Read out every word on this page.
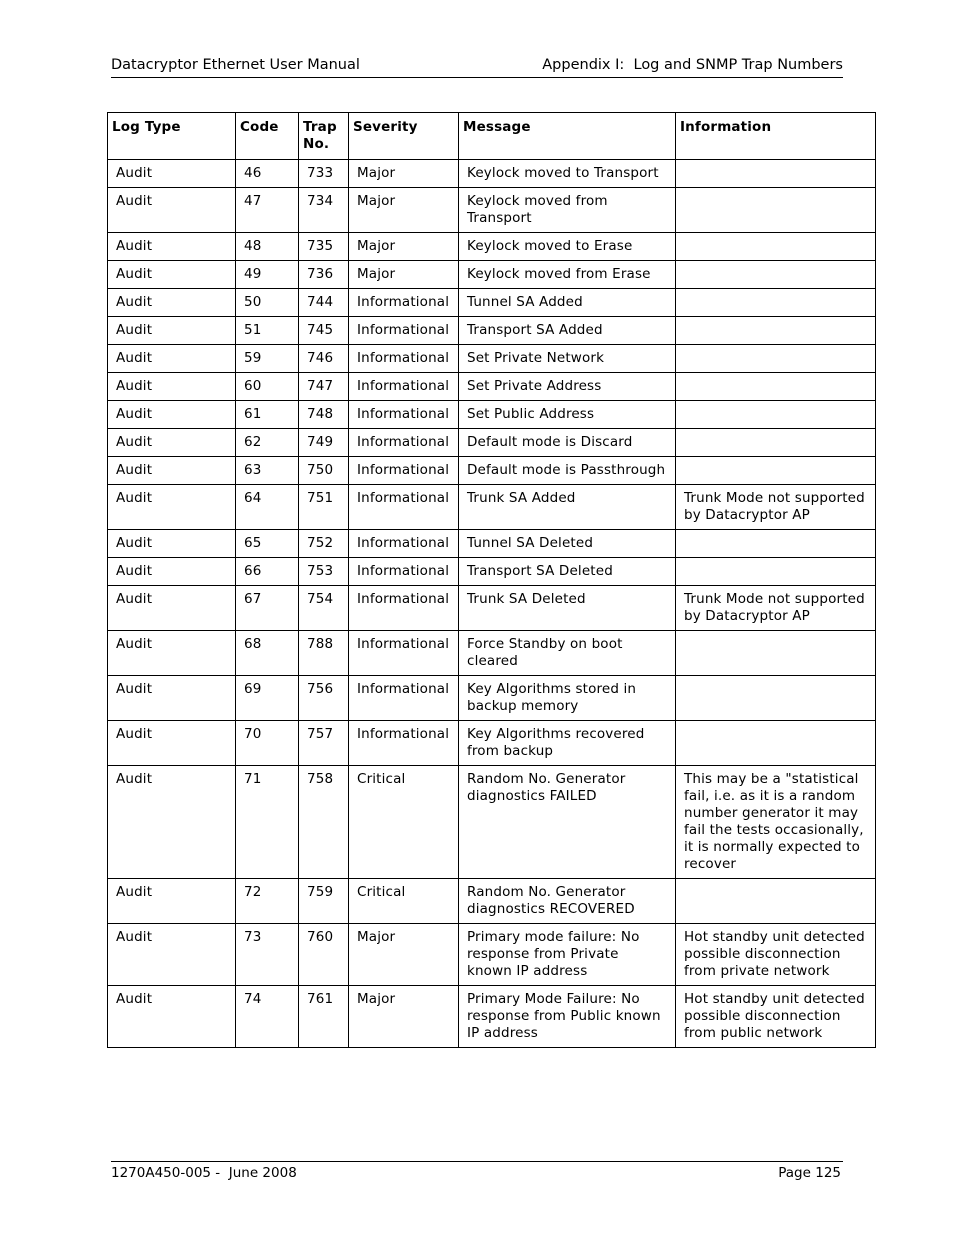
Datacryptor Ethernet User Manual	Appendix I:  Log and SNMP Trap Numbers
Log Type	Code	Trap No.	Severity	Message	Information
Audit	46	733	Major	Keylock moved to Transport	
Audit	47	734	Major	Keylock moved from Transport	
Audit	48	735	Major	Keylock moved to Erase	
Audit	49	736	Major	Keylock moved from Erase	
Audit	50	744	Informational	Tunnel SA Added	
Audit	51	745	Informational	Transport SA Added	
Audit	59	746	Informational	Set Private Network	
Audit	60	747	Informational	Set Private Address	
Audit	61	748	Informational	Set Public Address	
Audit	62	749	Informational	Default mode is Discard	
Audit	63	750	Informational	Default mode is Passthrough	
Audit	64	751	Informational	Trunk SA Added	Trunk Mode not supported by Datacryptor AP
Audit	65	752	Informational	Tunnel SA Deleted	
Audit	66	753	Informational	Transport SA Deleted	
Audit	67	754	Informational	Trunk SA Deleted	Trunk Mode not supported by Datacryptor AP
Audit	68	788	Informational	Force Standby on boot cleared	
Audit	69	756	Informational	Key Algorithms stored in backup memory	
Audit	70	757	Informational	Key Algorithms recovered from backup	
Audit	71	758	Critical	Random No. Generator diagnostics FAILED	This may be a "statistical fail, i.e. as it is a random number generator it may fail the tests occasionally, it is normally expected to recover
Audit	72	759	Critical	Random No. Generator diagnostics RECOVERED	
Audit	73	760	Major	Primary mode failure: No response from Private known IP address	Hot standby unit detected possible disconnection from private network
Audit	74	761	Major	Primary Mode Failure: No response from Public known IP address	Hot standby unit detected possible disconnection from public network
1270A450-005 -  June 2008	Page 125
